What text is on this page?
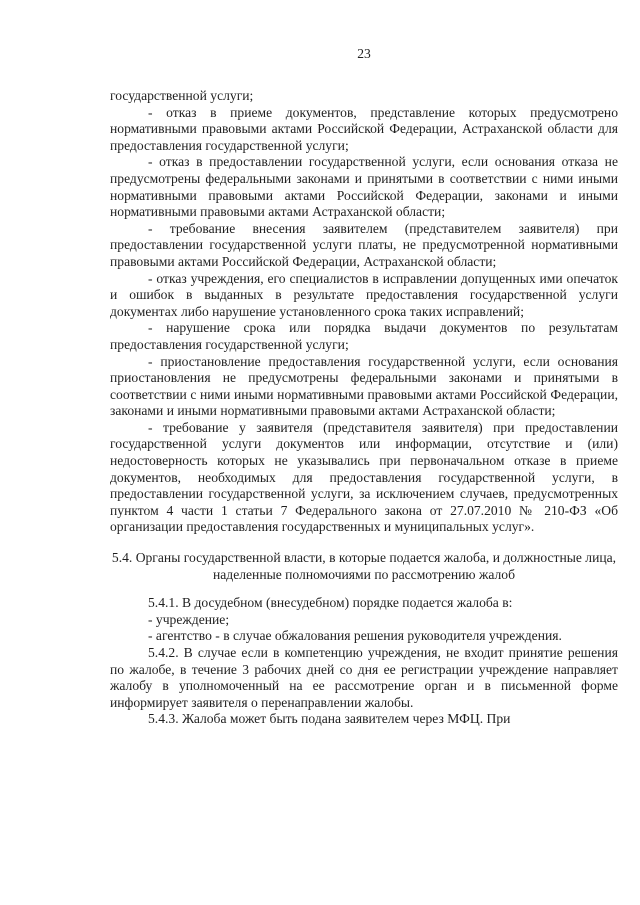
23

государственной услуги;

- отказ в приеме документов, представление которых предусмотрено нормативными правовыми актами Российской Федерации, Астраханской области для предоставления государственной услуги;

- отказ в предоставлении государственной услуги, если основания отказа не предусмотрены федеральными законами и принятыми в соответствии с ними иными нормативными правовыми актами Российской Федерации, законами и иными нормативными правовыми актами Астраханской области;

- требование внесения заявителем (представителем заявителя) при предоставлении государственной услуги платы, не предусмотренной нормативными правовыми актами Российской Федерации, Астраханской области;

- отказ учреждения, его специалистов в исправлении допущенных ими опечаток и ошибок в выданных в результате предоставления государственной услуги документах либо нарушение установленного срока таких исправлений;

- нарушение срока или порядка выдачи документов по результатам предоставления государственной услуги;

- приостановление предоставления государственной услуги, если основания приостановления не предусмотрены федеральными законами и принятыми в соответствии с ними иными нормативными правовыми актами Российской Федерации, законами и иными нормативными правовыми актами Астраханской области;

- требование у заявителя (представителя заявителя) при предоставлении государственной услуги документов или информации, отсутствие и (или) недостоверность которых не указывались при первоначальном отказе в приеме документов, необходимых для предоставления государственной услуги, в предоставлении государственной услуги, за исключением случаев, предусмотренных пунктом 4 части 1 статьи 7 Федерального закона от 27.07.2010 № 210-ФЗ «Об организации предоставления государственных и муниципальных услуг».

5.4. Органы государственной власти, в которые подается жалоба, и должностные лица, наделенные полномочиями по рассмотрению жалоб

5.4.1. В досудебном (внесудебном) порядке подается жалоба в:

- учреждение;

- агентство - в случае обжалования решения руководителя учреждения.

5.4.2. В случае если в компетенцию учреждения, не входит принятие решения по жалобе, в течение 3 рабочих дней со дня ее регистрации учреждение направляет жалобу в уполномоченный на ее рассмотрение орган и в письменной форме информирует заявителя о перенаправлении жалобы.

5.4.3. Жалоба может быть подана заявителем через МФЦ. При
